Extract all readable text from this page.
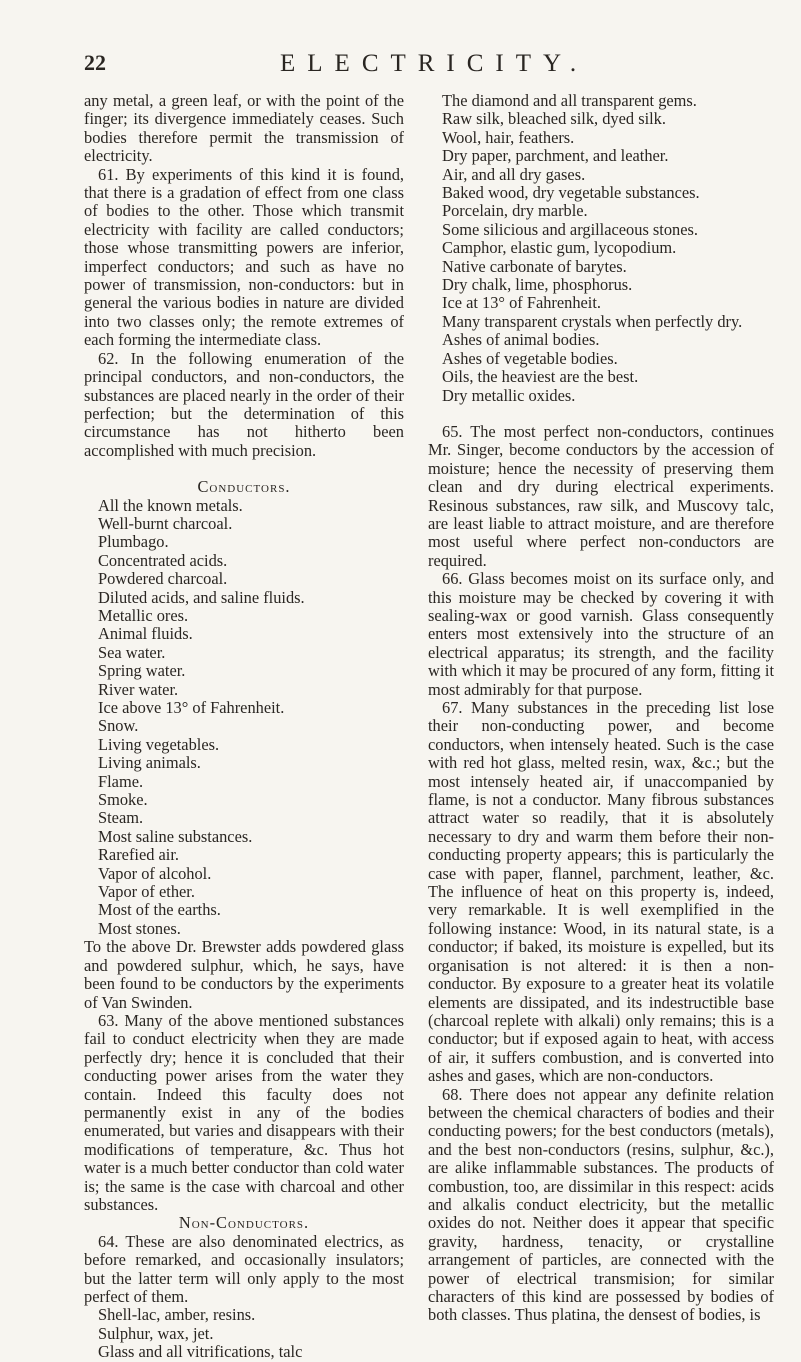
22	ELECTRICITY.

any metal, a green leaf, or with the point of the finger; its divergence immediately ceases. Such bodies therefore permit the transmission of electricity.

61. By experiments of this kind it is found, that there is a gradation of effect from one class of bodies to the other. Those which transmit electricity with facility are called conductors; those whose transmitting powers are inferior, imperfect conductors; and such as have no power of transmission, non-conductors: but in general the various bodies in nature are divided into two classes only; the remote extremes of each forming the intermediate class.

62. In the following enumeration of the principal conductors, and non-conductors, the substances are placed nearly in the order of their perfection; but the determination of this circumstance has not hitherto been accomplished with much precision.

Conductors.

All the known metals.
Well-burnt charcoal.
Plumbago.
Concentrated acids.
Powdered charcoal.
Diluted acids, and saline fluids.
Metallic ores.
Animal fluids.
Sea water.
Spring water.
River water.
Ice above 13° of Fahrenheit.
Snow.
Living vegetables.
Living animals.
Flame.
Smoke.
Steam.
Most saline substances.
Rarefied air.
Vapor of alcohol.
Vapor of ether.
Most of the earths.
Most stones.

To the above Dr. Brewster adds powdered glass and powdered sulphur, which, he says, have been found to be conductors by the experiments of Van Swinden.

63. Many of the above mentioned substances fail to conduct electricity when they are made perfectly dry; hence it is concluded that their conducting power arises from the water they contain. Indeed this faculty does not permanently exist in any of the bodies enumerated, but varies and disappears with their modifications of temperature, &c. Thus hot water is a much better conductor than cold water is; the same is the case with charcoal and other substances.

Non-Conductors.

64. These are also denominated electrics, as before remarked, and occasionally insulators; but the latter term will only apply to the most perfect of them.

Shell-lac, amber, resins.
Sulphur, wax, jet.
Glass and all vitrifications, talc
The diamond and all transparent gems.
Raw silk, bleached silk, dyed silk.
Wool, hair, feathers.
Dry paper, parchment, and leather.
Air, and all dry gases.
Baked wood, dry vegetable substances.
Porcelain, dry marble.
Some silicious and argillaceous stones.
Camphor, elastic gum, lycopodium.
Native carbonate of barytes.
Dry chalk, lime, phosphorus.
Ice at 13° of Fahrenheit.
Many transparent crystals when perfectly dry.
Ashes of animal bodies.
Ashes of vegetable bodies.
Oils, the heaviest are the best.
Dry metallic oxides.

65. The most perfect non-conductors, continues Mr. Singer, become conductors by the accession of moisture; hence the necessity of preserving them clean and dry during electrical experiments. Resinous substances, raw silk, and Muscovy talc, are least liable to attract moisture, and are therefore most useful where perfect non-conductors are required.

66. Glass becomes moist on its surface only, and this moisture may be checked by covering it with sealing-wax or good varnish. Glass consequently enters most extensively into the structure of an electrical apparatus; its strength, and the facility with which it may be procured of any form, fitting it most admirably for that purpose.

67. Many substances in the preceding list lose their non-conducting power, and become conductors, when intensely heated. Such is the case with red hot glass, melted resin, wax, &c.; but the most intensely heated air, if unaccompanied by flame, is not a conductor. Many fibrous substances attract water so readily, that it is absolutely necessary to dry and warm them before their non-conducting property appears; this is particularly the case with paper, flannel, parchment, leather, &c. The influence of heat on this property is, indeed, very remarkable. It is well exemplified in the following instance: Wood, in its natural state, is a conductor; if baked, its moisture is expelled, but its organisation is not altered: it is then a non-conductor. By exposure to a greater heat its volatile elements are dissipated, and its indestructible base (charcoal replete with alkali) only remains; this is a conductor; but if exposed again to heat, with access of air, it suffers combustion, and is converted into ashes and gases, which are non-conductors.

68. There does not appear any definite relation between the chemical characters of bodies and their conducting powers; for the best conductors (metals), and the best non-conductors (resins, sulphur, &c.), are alike inflammable substances. The products of combustion, too, are dissimilar in this respect: acids and alkalis conduct electricity, but the metallic oxides do not. Neither does it appear that specific gravity, hardness, tenacity, or crystalline arrangement of particles, are connected with the power of electrical transmision; for similar characters of this kind are possessed by bodies of both classes. Thus platina, the densest of bodies, is
